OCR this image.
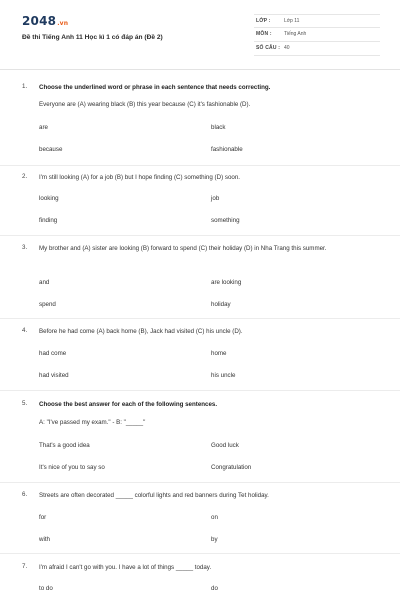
2048.vn
Đề thi Tiếng Anh 11 Học kì 1 có đáp án (Đề 2)
LỚP :	Lớp 11
MÔN : Tiếng Anh
SỐ CÂU : 40
1. Choose the underlined word or phrase in each sentence that needs correcting.
Everyone are (A) wearing black (B) this year because (C) it's fashionable (D).
are	black
because	fashionable
2. I'm still looking (A) for a job (B) but I hope finding (C) something (D) soon.
looking	job
finding	something
3. My brother and (A) sister are looking (B) forward to spend (C) their holiday (D) in Nha Trang this summer.
and	are looking
spend	holiday
4. Before he had come (A) back home (B), Jack had visited (C) his uncle (D).
had come	home
had visited	his uncle
5. Choose the best answer for each of the following sentences.
A: "I've passed my exam." - B: "_____"
That's a good idea	Good luck
It's nice of you to say so	Congratulation
6. Streets are often decorated _____ colorful lights and red banners during Tet holiday.
for	on
with	by
7. I'm afraid I can't go with you. I have a lot of things _____ today.
to do	do
